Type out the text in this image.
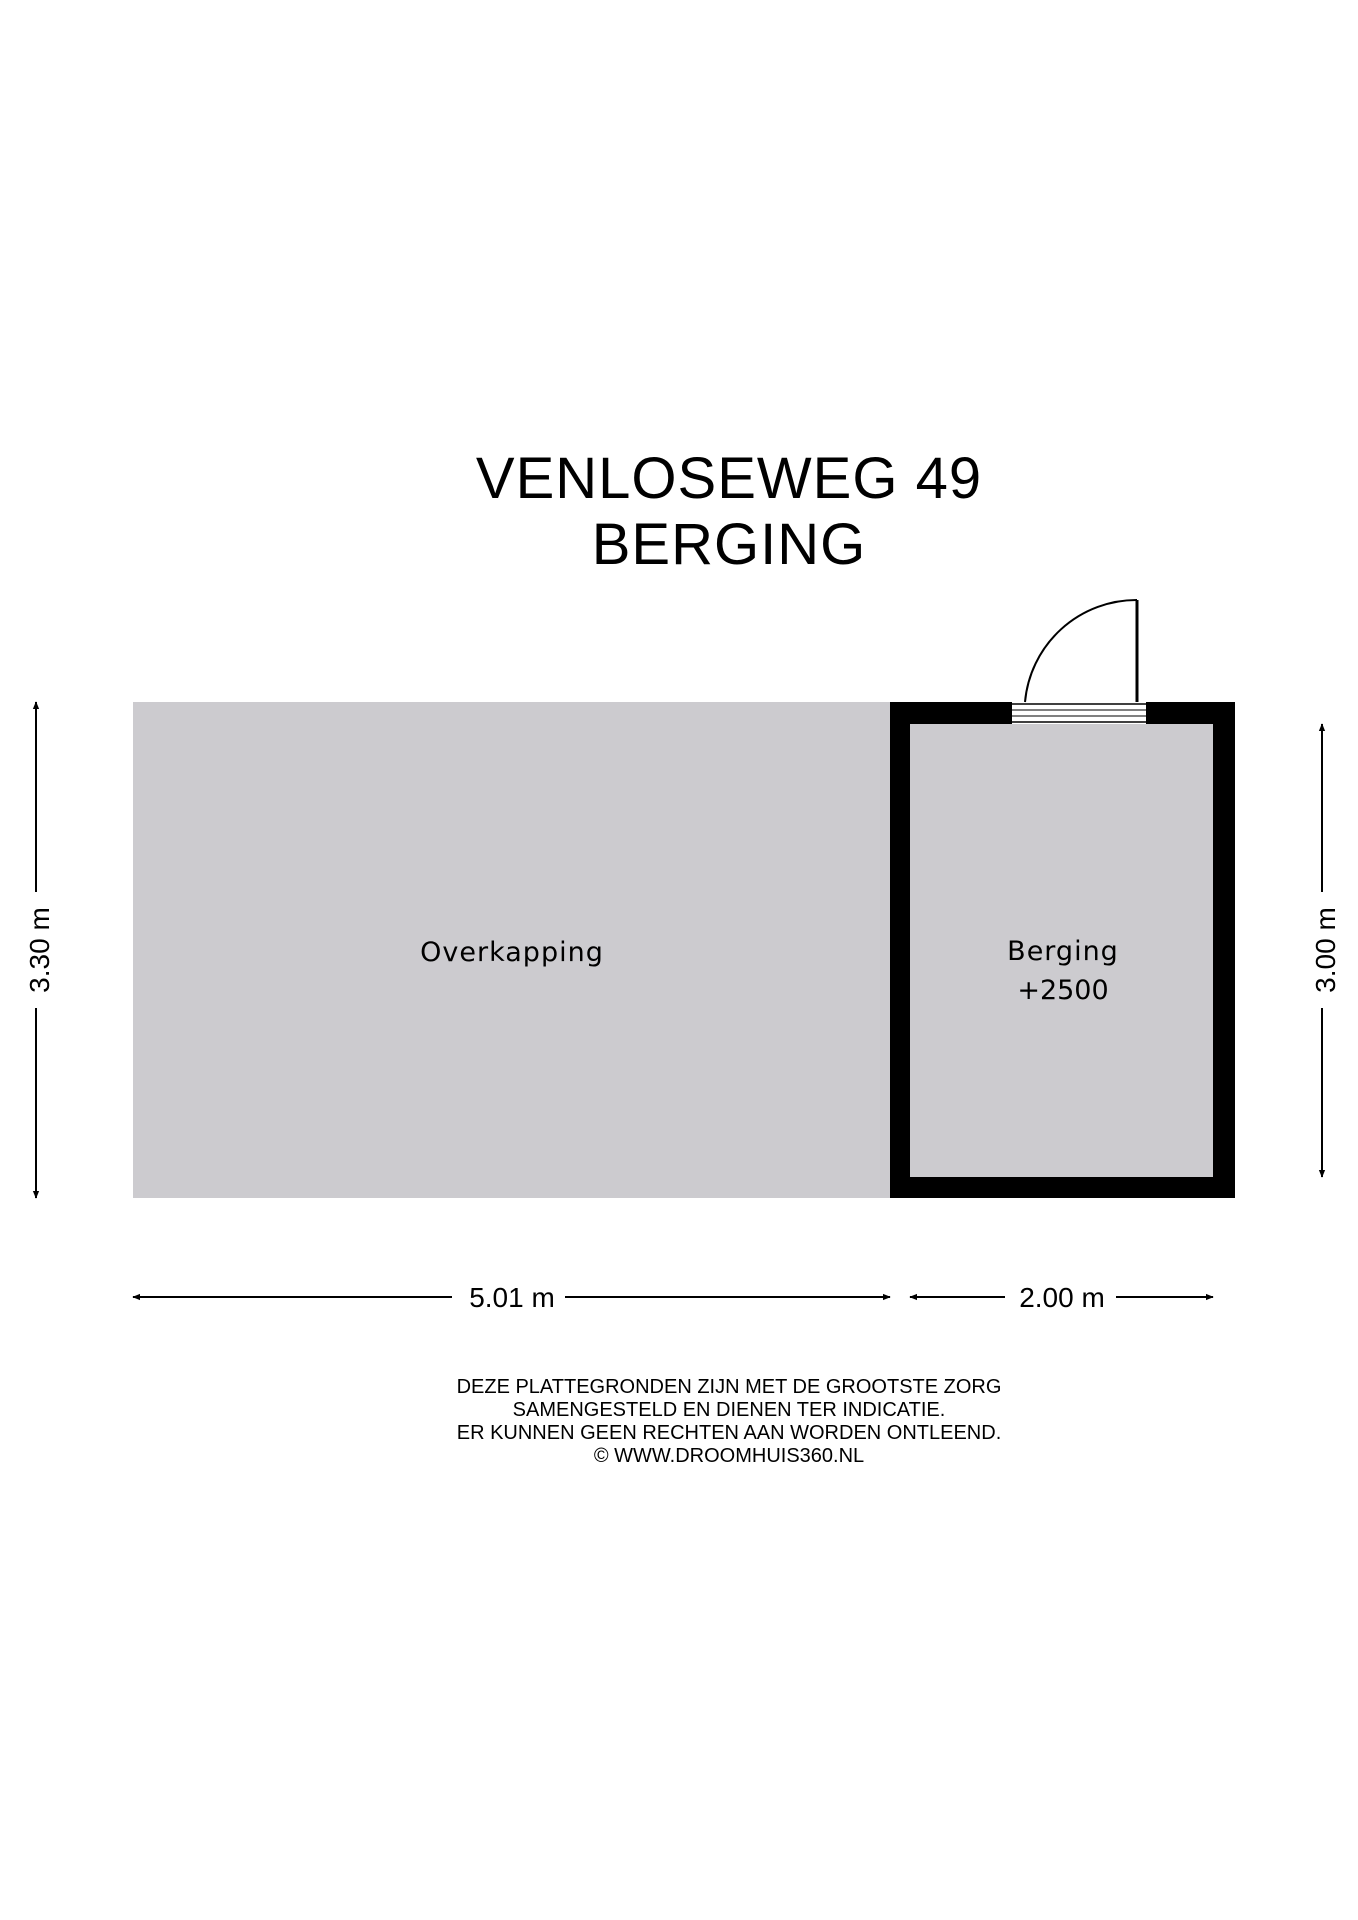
VENLOSEWEG 49
BERGING
Overkapping	Berging
+2500
3.30 m	3.00 m
5.01 m	2.00 m
DEZE PLATTEGRONDEN ZIJN MET DE GROOTSTE ZORG
SAMENGESTELD EN DIENEN TER INDICATIE.
ER KUNNEN GEEN RECHTEN AAN WORDEN ONTLEEND.
© WWW.DROOMHUIS360.NL
